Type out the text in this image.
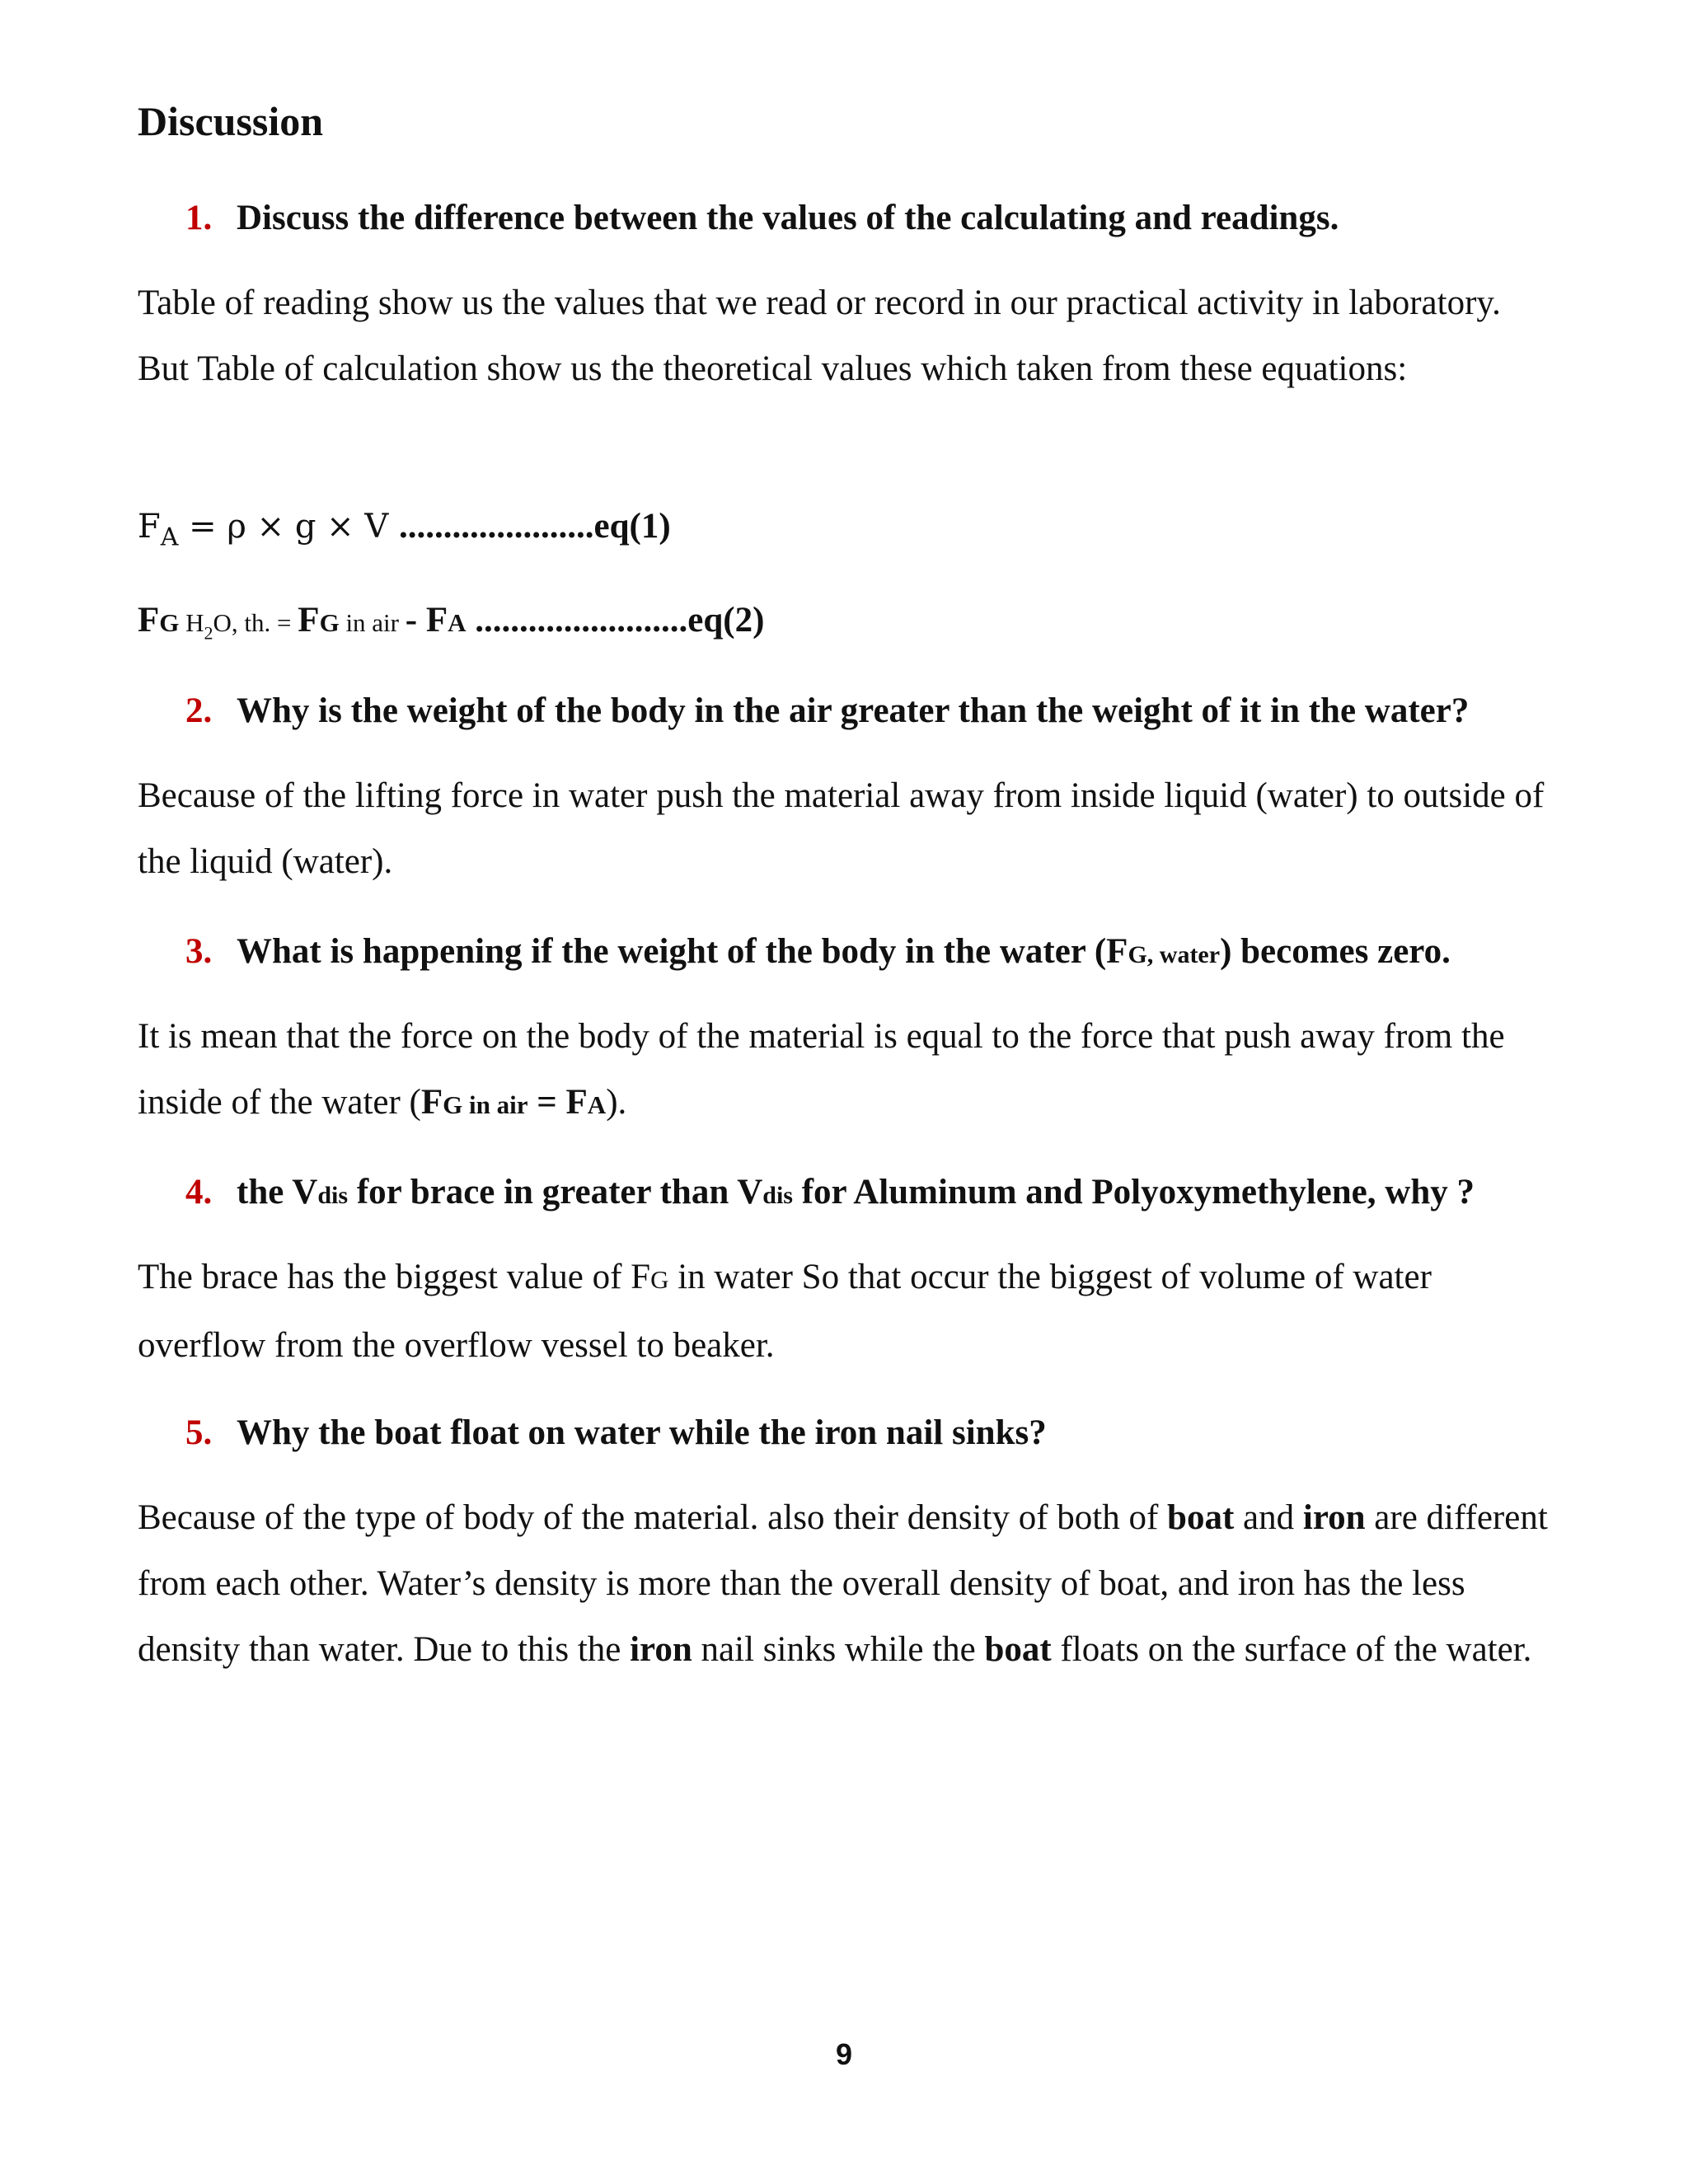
Discussion

1. Discuss the difference between the values of the calculating and readings.

Table of reading show us the values that we read or record in our practical activity in laboratory. But Table of calculation show us the theoretical values which taken from these equations:

$F_A = \rho \times g \times V$ ......................eq(1)

FG $H_2O$, th. = FG in air - FA ........................eq(2)

2. Why is the weight of the body in the air greater than the weight of it in the water?

Because of the lifting force in water push the material away from inside liquid (water) to outside of the liquid (water).

3. What is happening if the weight of the body in the water (FG, water) becomes zero.

It is mean that the force on the body of the material is equal to the force that push away from the inside of the water (FG in air = FA).

4. the Vdis for brace in greater than Vdis for Aluminum and Polyoxymethylene, why ?

The brace has the biggest value of FG in water So that occur the biggest of volume of water overflow from the overflow vessel to beaker.

5. Why the boat float on water while the iron nail sinks?

Because of the type of body of the material. also their density of both of boat and iron are different from each other. Water’s density is more than the overall density of boat, and iron has the less density than water. Due to this the iron nail sinks while the boat floats on the surface of the water.

9
